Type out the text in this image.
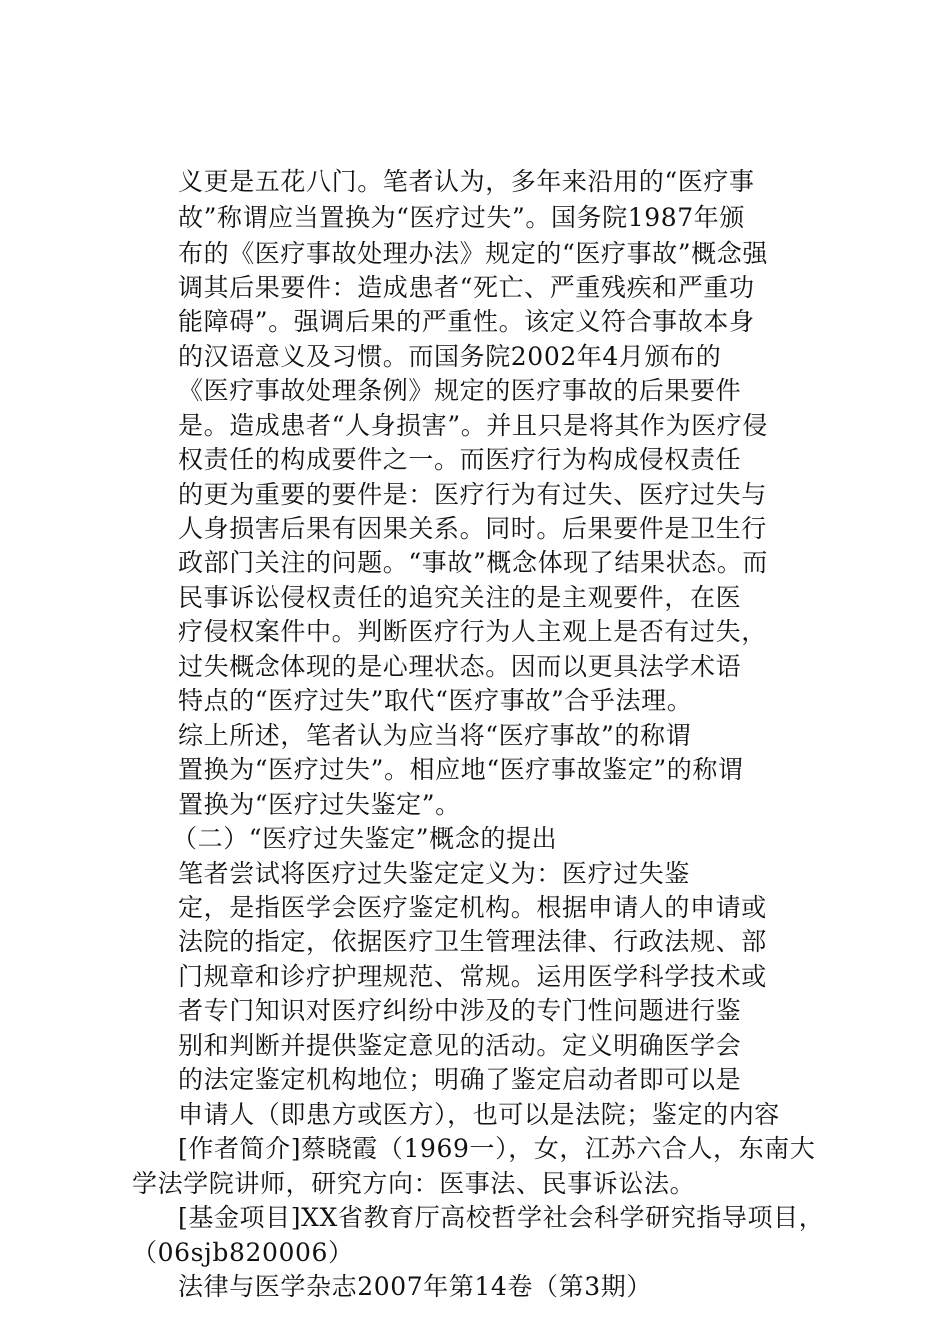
义更是五花八门。笔者认为，多年来沿用的“医疗事
故”称谓应当置换为“医疗过失”。国务院1987年颁
布的《医疗事故处理办法》规定的“医疗事故”概念强
调其后果要件：造成患者“死亡、严重残疾和严重功
能障碍”。强调后果的严重性。该定义符合事故本身
的汉语意义及习惯。而国务院2002年4月颁布的
《医疗事故处理条例》规定的医疗事故的后果要件
是。造成患者“人身损害”。并且只是将其作为医疗侵
权责任的构成要件之一。而医疗行为构成侵权责任
的更为重要的要件是：医疗行为有过失、医疗过失与
人身损害后果有因果关系。同时。后果要件是卫生行
政部门关注的问题。“事故”概念体现了结果状态。而
民事诉讼侵权责任的追究关注的是主观要件，在医
疗侵权案件中。判断医疗行为人主观上是否有过失，
过失概念体现的是心理状态。因而以更具法学术语
特点的“医疗过失”取代“医疗事故”合乎法理。
综上所述，笔者认为应当将“医疗事故”的称谓
置换为“医疗过失”。相应地“医疗事故鉴定”的称谓
置换为“医疗过失鉴定”。
（二）“医疗过失鉴定”概念的提出
笔者尝试将医疗过失鉴定定义为：医疗过失鉴
定，是指医学会医疗鉴定机构。根据申请人的申请或
法院的指定，依据医疗卫生管理法律、行政法规、部
门规章和诊疗护理规范、常规。运用医学科学技术或
者专门知识对医疗纠纷中涉及的专门性问题进行鉴
别和判断并提供鉴定意见的活动。定义明确医学会
的法定鉴定机构地位；明确了鉴定启动者即可以是
申请人（即患方或医方），也可以是法院；鉴定的内容
[作者简介]蔡晓霞（1969一），女，江苏六合人，东南大
学法学院讲师，研究方向：医事法、民事诉讼法。
[基金项目]XX省教育厅高校哲学社会科学研究指导项目，
（06sjb820006）
法律与医学杂志2007年第14卷（第3期）
